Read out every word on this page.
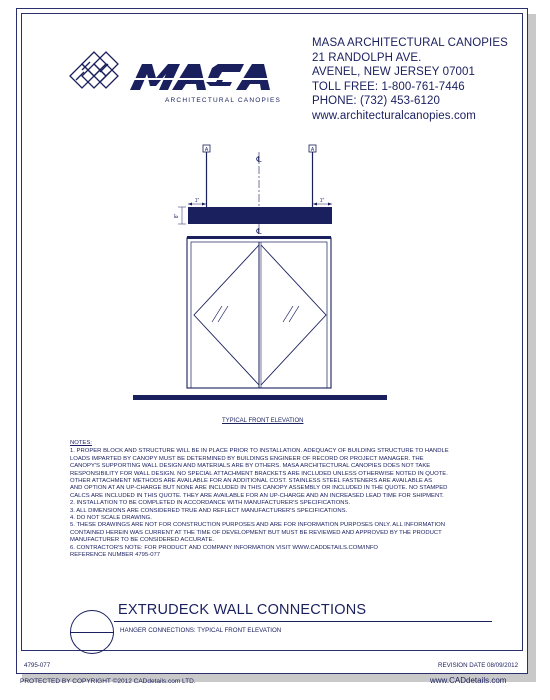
ARCHITECTURAL CANOPIES
MASA ARCHITECTURAL CANOPIES
21 RANDOLPH AVE.
AVENEL, NEW JERSEY 07001
TOLL FREE: 1-800-761-7446
PHONE: (732) 453-6120
www.architecturalcanopies.com
A	A
℄
℄
1"	1"
8"
TYPICAL FRONT ELEVATION
NOTES:
1. PROPER BLOCK AND STRUCTURE WILL BE IN PLACE PRIOR TO INSTALLATION. ADEQUACY OF BUILDING STRUCTURE TO HANDLE
LOADS IMPARTED BY CANOPY MUST BE DETERMINED BY BUILDINGS ENGINEER OF RECORD OR PROJECT MANAGER. THE
CANOPY'S SUPPORTING WALL DESIGN AND MATERIALS ARE BY OTHERS. MASA ARCHITECTURAL CANOPIES DOES NOT TAKE
RESPONSIBILITY FOR WALL DESIGN. NO SPECIAL ATTACHMENT BRACKETS ARE INCLUDED UNLESS OTHERWISE NOTED IN QUOTE.
OTHER ATTACHMENT METHODS ARE AVAILABLE FOR AN ADDITIONAL COST. STAINLESS STEEL FASTENERS ARE AVAILABLE AS
AND OPTION AT AN UP-CHARGE BUT NONE ARE INCLUDED IN THIS CANOPY ASSEMBLY OR INCLUDED IN THE QUOTE. NO STAMPED
CALCS ARE INCLUDED IN THIS QUOTE. THEY ARE AVAILABLE FOR AN UP-CHARGE AND AN INCREASED LEAD TIME FOR SHIPMENT.
2. INSTALLATION TO BE COMPLETED IN ACCORDANCE WITH MANUFACTURER'S SPECIFICATIONS.
3. ALL DIMENSIONS ARE CONSIDERED TRUE AND REFLECT MANUFACTURER'S SPECIFICATIONS.
4. DO NOT SCALE DRAWING.
5. THESE DRAWINGS ARE NOT FOR CONSTRUCTION PURPOSES AND ARE FOR INFORMATION PURPOSES ONLY. ALL INFORMATION
CONTAINED HEREIN WAS CURRENT AT THE TIME OF DEVELOPMENT BUT MUST BE REVIEWED AND APPROVED BY THE PRODUCT
MANUFACTURER TO BE CONSIDERED ACCURATE.
6. CONTRACTOR'S NOTE: FOR PRODUCT AND COMPANY INFORMATION VISIT WWW.CADDETAILS.COM/INFO
REFERENCE NUMBER 4795-077
EXTRUDECK WALL CONNECTIONS
HANGER CONNECTIONS: TYPICAL FRONT ELEVATION
4795-077	REVISION DATE 08/09/2012
PROTECTED BY COPYRIGHT ©2012 CADdetails.com LTD.	www.CADdetails.com
